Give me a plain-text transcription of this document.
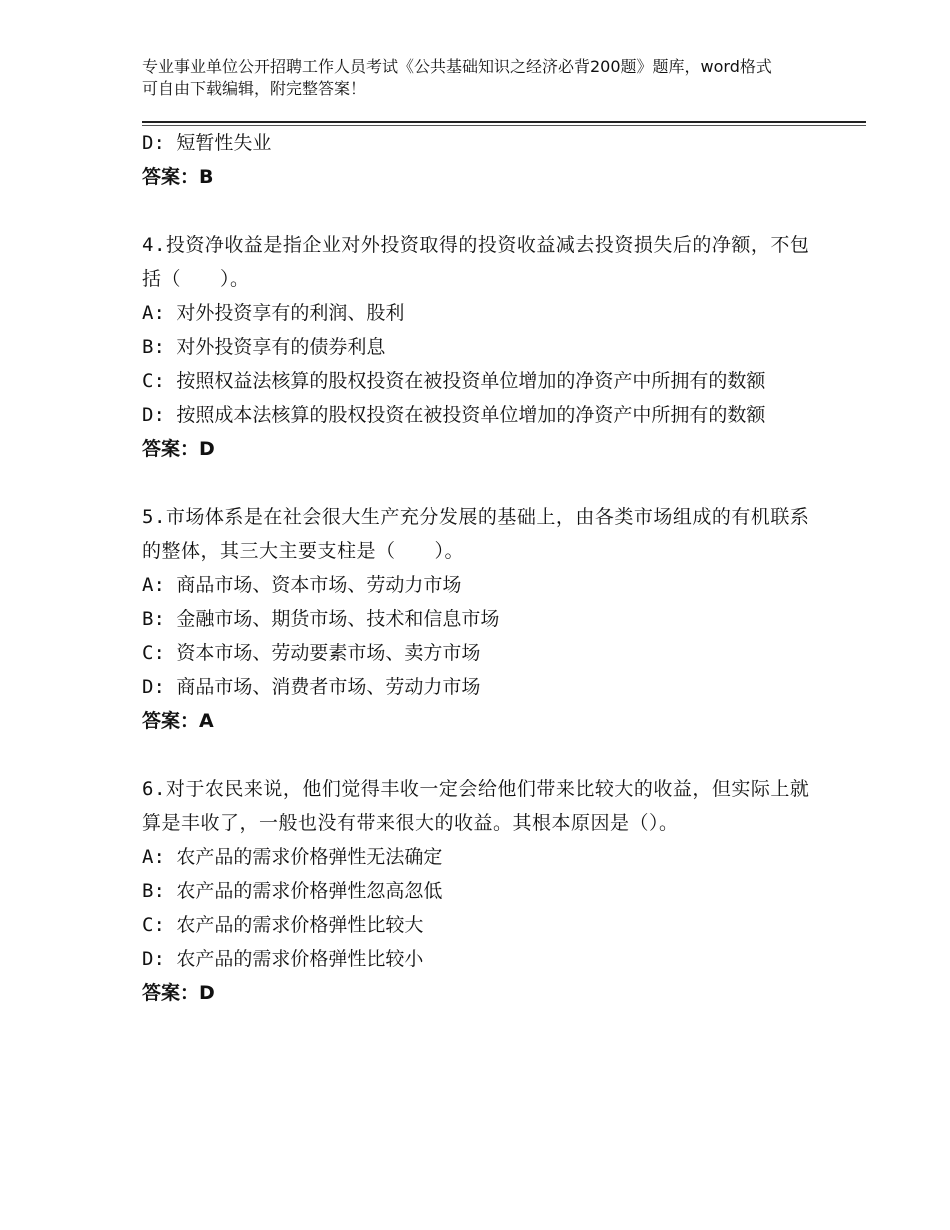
专业事业单位公开招聘工作人员考试《公共基础知识之经济必背200题》题库，word格式可自由下载编辑，附完整答案！

D: 短暂性失业

答案：B

4.投资净收益是指企业对外投资取得的投资收益减去投资损失后的净额，不包括（　　）。

A: 对外投资享有的利润、股利

B: 对外投资享有的债券利息

C: 按照权益法核算的股权投资在被投资单位增加的净资产中所拥有的数额

D: 按照成本法核算的股权投资在被投资单位增加的净资产中所拥有的数额

答案：D

5.市场体系是在社会很大生产充分发展的基础上，由各类市场组成的有机联系的整体，其三大主要支柱是（　　）。

A: 商品市场、资本市场、劳动力市场

B: 金融市场、期货市场、技术和信息市场

C: 资本市场、劳动要素市场、卖方市场

D: 商品市场、消费者市场、劳动力市场

答案：A

6.对于农民来说，他们觉得丰收一定会给他们带来比较大的收益，但实际上就算是丰收了，一般也没有带来很大的收益。其根本原因是（）。

A: 农产品的需求价格弹性无法确定

B: 农产品的需求价格弹性忽高忽低

C: 农产品的需求价格弹性比较大

D: 农产品的需求价格弹性比较小

答案：D
